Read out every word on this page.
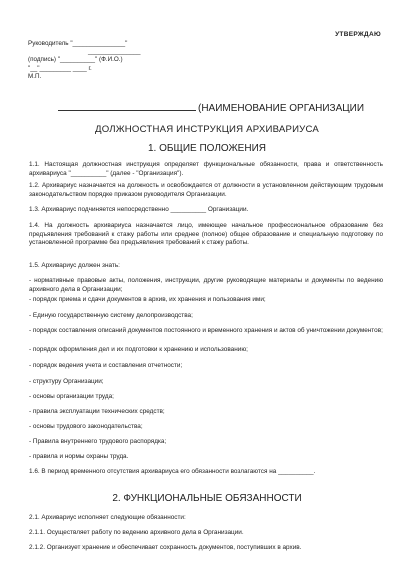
УТВЕРЖДАЮ
Руководитель "_______________"
_______________
(подпись) "__________" (Ф.И.О.)
"__"_________ ____ г.
М.П.
(НАИМЕНОВАНИЕ ОРГАНИЗАЦИИ
ДОЛЖНОСТНАЯ ИНСТРУКЦИЯ АРХИВАРИУСА
1. ОБЩИЕ ПОЛОЖЕНИЯ
1.1. Настоящая должностная инструкция определяет функциональные обязанности, права и ответственность архивариуса "__________" (далее - "Организация").
1.2. Архивариус назначается на должность и освобождается от должности в установленном действующим трудовым законодательством порядке приказом руководителя Организации.
1.3. Архивариус подчиняется непосредственно __________ Организации.
1.4. На должность архивариуса назначается лицо, имеющее начальное профессиональное образование без предъявления требований к стажу работы или среднее (полное) общее образование и специальную подготовку по установленной программе без предъявления требований к стажу работы.
1.5. Архивариус должен знать:
- нормативные правовые акты, положения, инструкции, другие руководящие материалы и документы по ведению архивного дела в Организации;
- порядок приема и сдачи документов в архив, их хранения и пользования ими;
- Единую государственную систему делопроизводства;
- порядок составления описаний документов постоянного и временного хранения и актов об уничтожении документов;
- порядок оформления дел и их подготовки к хранению и использованию;
- порядок ведения учета и составления отчетности;
- структуру Организации;
- основы организации труда;
- правила эксплуатации технических средств;
- основы трудового законодательства;
- Правила внутреннего трудового распорядка;
- правила и нормы охраны труда.
1.6. В период временного отсутствия архивариуса его обязанности возлагаются на __________.
2. ФУНКЦИОНАЛЬНЫЕ ОБЯЗАННОСТИ
2.1. Архивариус исполняет следующие обязанности:
2.1.1. Осуществляет работу по ведению архивного дела в Организации.
2.1.2. Организует хранение и обеспечивает сохранность документов, поступивших в архив.
